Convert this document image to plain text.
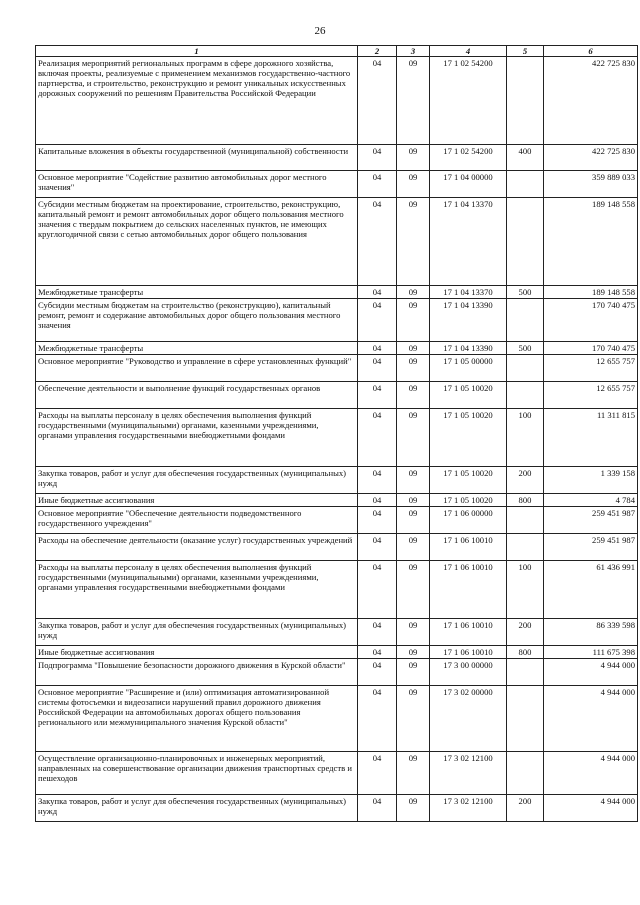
26
1	2	3	4	5	6
Реализация мероприятий региональных программ в сфере дорожного хозяйства, включая проекты, реализуемые с применением механизмов государственно-частного партнерства, и строительство, реконструкцию и ремонт уникальных искусственных дорожных сооружений по решениям Правительства Российской Федерации	04	09	17 1 02 54200		422 725 830
Капитальные вложения в объекты государственной (муниципальной) собственности	04	09	17 1 02 54200	400	422 725 830
Основное мероприятие "Содействие развитию автомобильных дорог местного значения"	04	09	17 1 04 00000		359 889 033
Субсидии местным бюджетам на проектирование, строительство, реконструкцию, капитальный ремонт и ремонт автомобильных дорог общего пользования местного значения с твердым покрытием до сельских населенных пунктов, не имеющих круглогодичной связи с сетью автомобильных дорог общего пользования	04	09	17 1 04 13370		189 148 558
Межбюджетные трансферты	04	09	17 1 04 13370	500	189 148 558
Субсидии местным бюджетам на строительство (реконструкцию), капитальный ремонт, ремонт и содержание автомобильных дорог общего пользования местного значения	04	09	17 1 04 13390		170 740 475
Межбюджетные трансферты	04	09	17 1 04 13390	500	170 740 475
Основное мероприятие "Руководство и управление в сфере установленных функций"	04	09	17 1 05 00000		12 655 757
Обеспечение деятельности и выполнение функций государственных органов	04	09	17 1 05 10020		12 655 757
Расходы на выплаты персоналу в целях обеспечения выполнения функций государственными (муниципальными) органами, казенными учреждениями, органами управления государственными внебюджетными фондами	04	09	17 1 05 10020	100	11 311 815
Закупка товаров, работ и услуг для обеспечения государственных (муниципальных) нужд	04	09	17 1 05 10020	200	1 339 158
Иные бюджетные ассигнования	04	09	17 1 05 10020	800	4 784
Основное мероприятие "Обеспечение деятельности подведомственного государственного учреждения"	04	09	17 1 06 00000		259 451 987
Расходы на обеспечение деятельности (оказание услуг) государственных учреждений	04	09	17 1 06 10010		259 451 987
Расходы на выплаты персоналу в целях обеспечения выполнения функций государственными (муниципальными) органами, казенными учреждениями, органами управления государственными внебюджетными фондами	04	09	17 1 06 10010	100	61 436 991
Закупка товаров, работ и услуг для обеспечения государственных (муниципальных) нужд	04	09	17 1 06 10010	200	86 339 598
Иные бюджетные ассигнования	04	09	17 1 06 10010	800	111 675 398
Подпрограмма "Повышение безопасности дорожного движения в Курской области"	04	09	17 3 00 00000		4 944 000
Основное мероприятие "Расширение и (или) оптимизация автоматизированной системы фотосъемки и видеозаписи нарушений правил дорожного движения Российской Федерации на автомобильных дорогах общего пользования регионального или межмуниципального значения Курской области"	04	09	17 3 02 00000		4 944 000
Осуществление организационно-планировочных и инженерных мероприятий, направленных на совершенствование организации движения транспортных средств и пешеходов	04	09	17 3 02 12100		4 944 000
Закупка товаров, работ и услуг для обеспечения государственных (муниципальных) нужд	04	09	17 3 02 12100	200	4 944 000
